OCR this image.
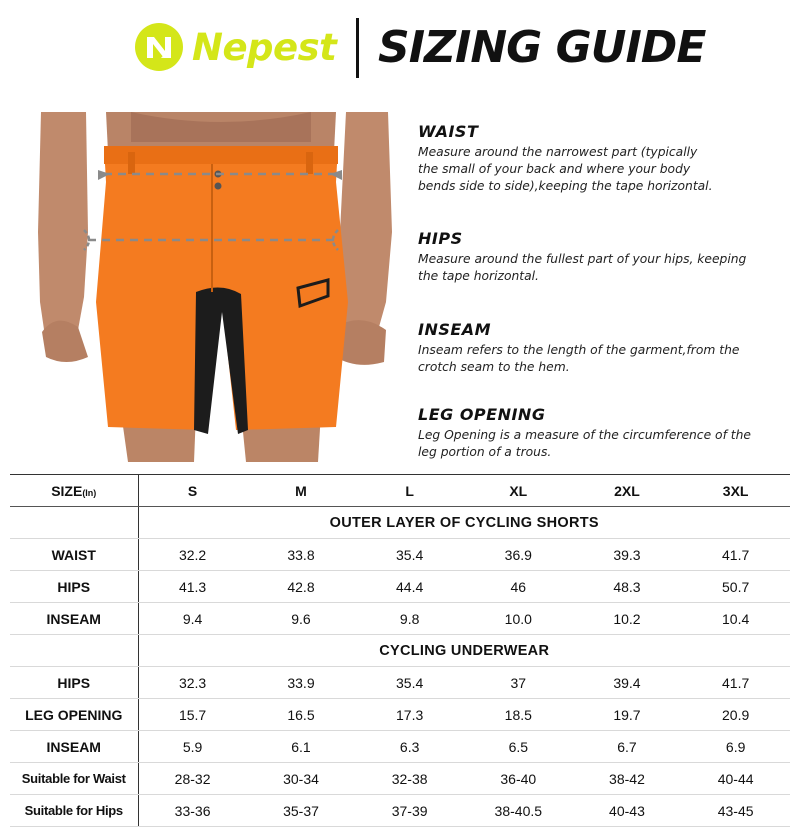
Nepest SIZING GUIDE
WAIST

Measure around the narrowest part (typically
the small of your back and where your body
bends side to side),keeping the tape horizontal.

HIPS

Measure around the fullest part of your hips, keeping
the tape horizontal.

INSEAM

Inseam refers to the length of the garment,from the
crotch seam to the hem.

LEG OPENING

Leg Opening is a measure of the circumference of the
leg portion of a trous.

SIZE(In)	S	M	L	XL	2XL	3XL
	OUTER LAYER OF CYCLING SHORTS					
WAIST	32.2	33.8	35.4	36.9	39.3	41.7
HIPS	41.3	42.8	44.4	46	48.3	50.7
INSEAM	9.4	9.6	9.8	10.0	10.2	10.4
	CYCLING UNDERWEAR					
HIPS	32.3	33.9	35.4	37	39.4	41.7
LEG OPENING	15.7	16.5	17.3	18.5	19.7	20.9
INSEAM	5.9	6.1	6.3	6.5	6.7	6.9
Suitable for Waist	28-32	30-34	32-38	36-40	38-42	40-44
Suitable for Hips	33-36	35-37	37-39	38-40.5	40-43	43-45
